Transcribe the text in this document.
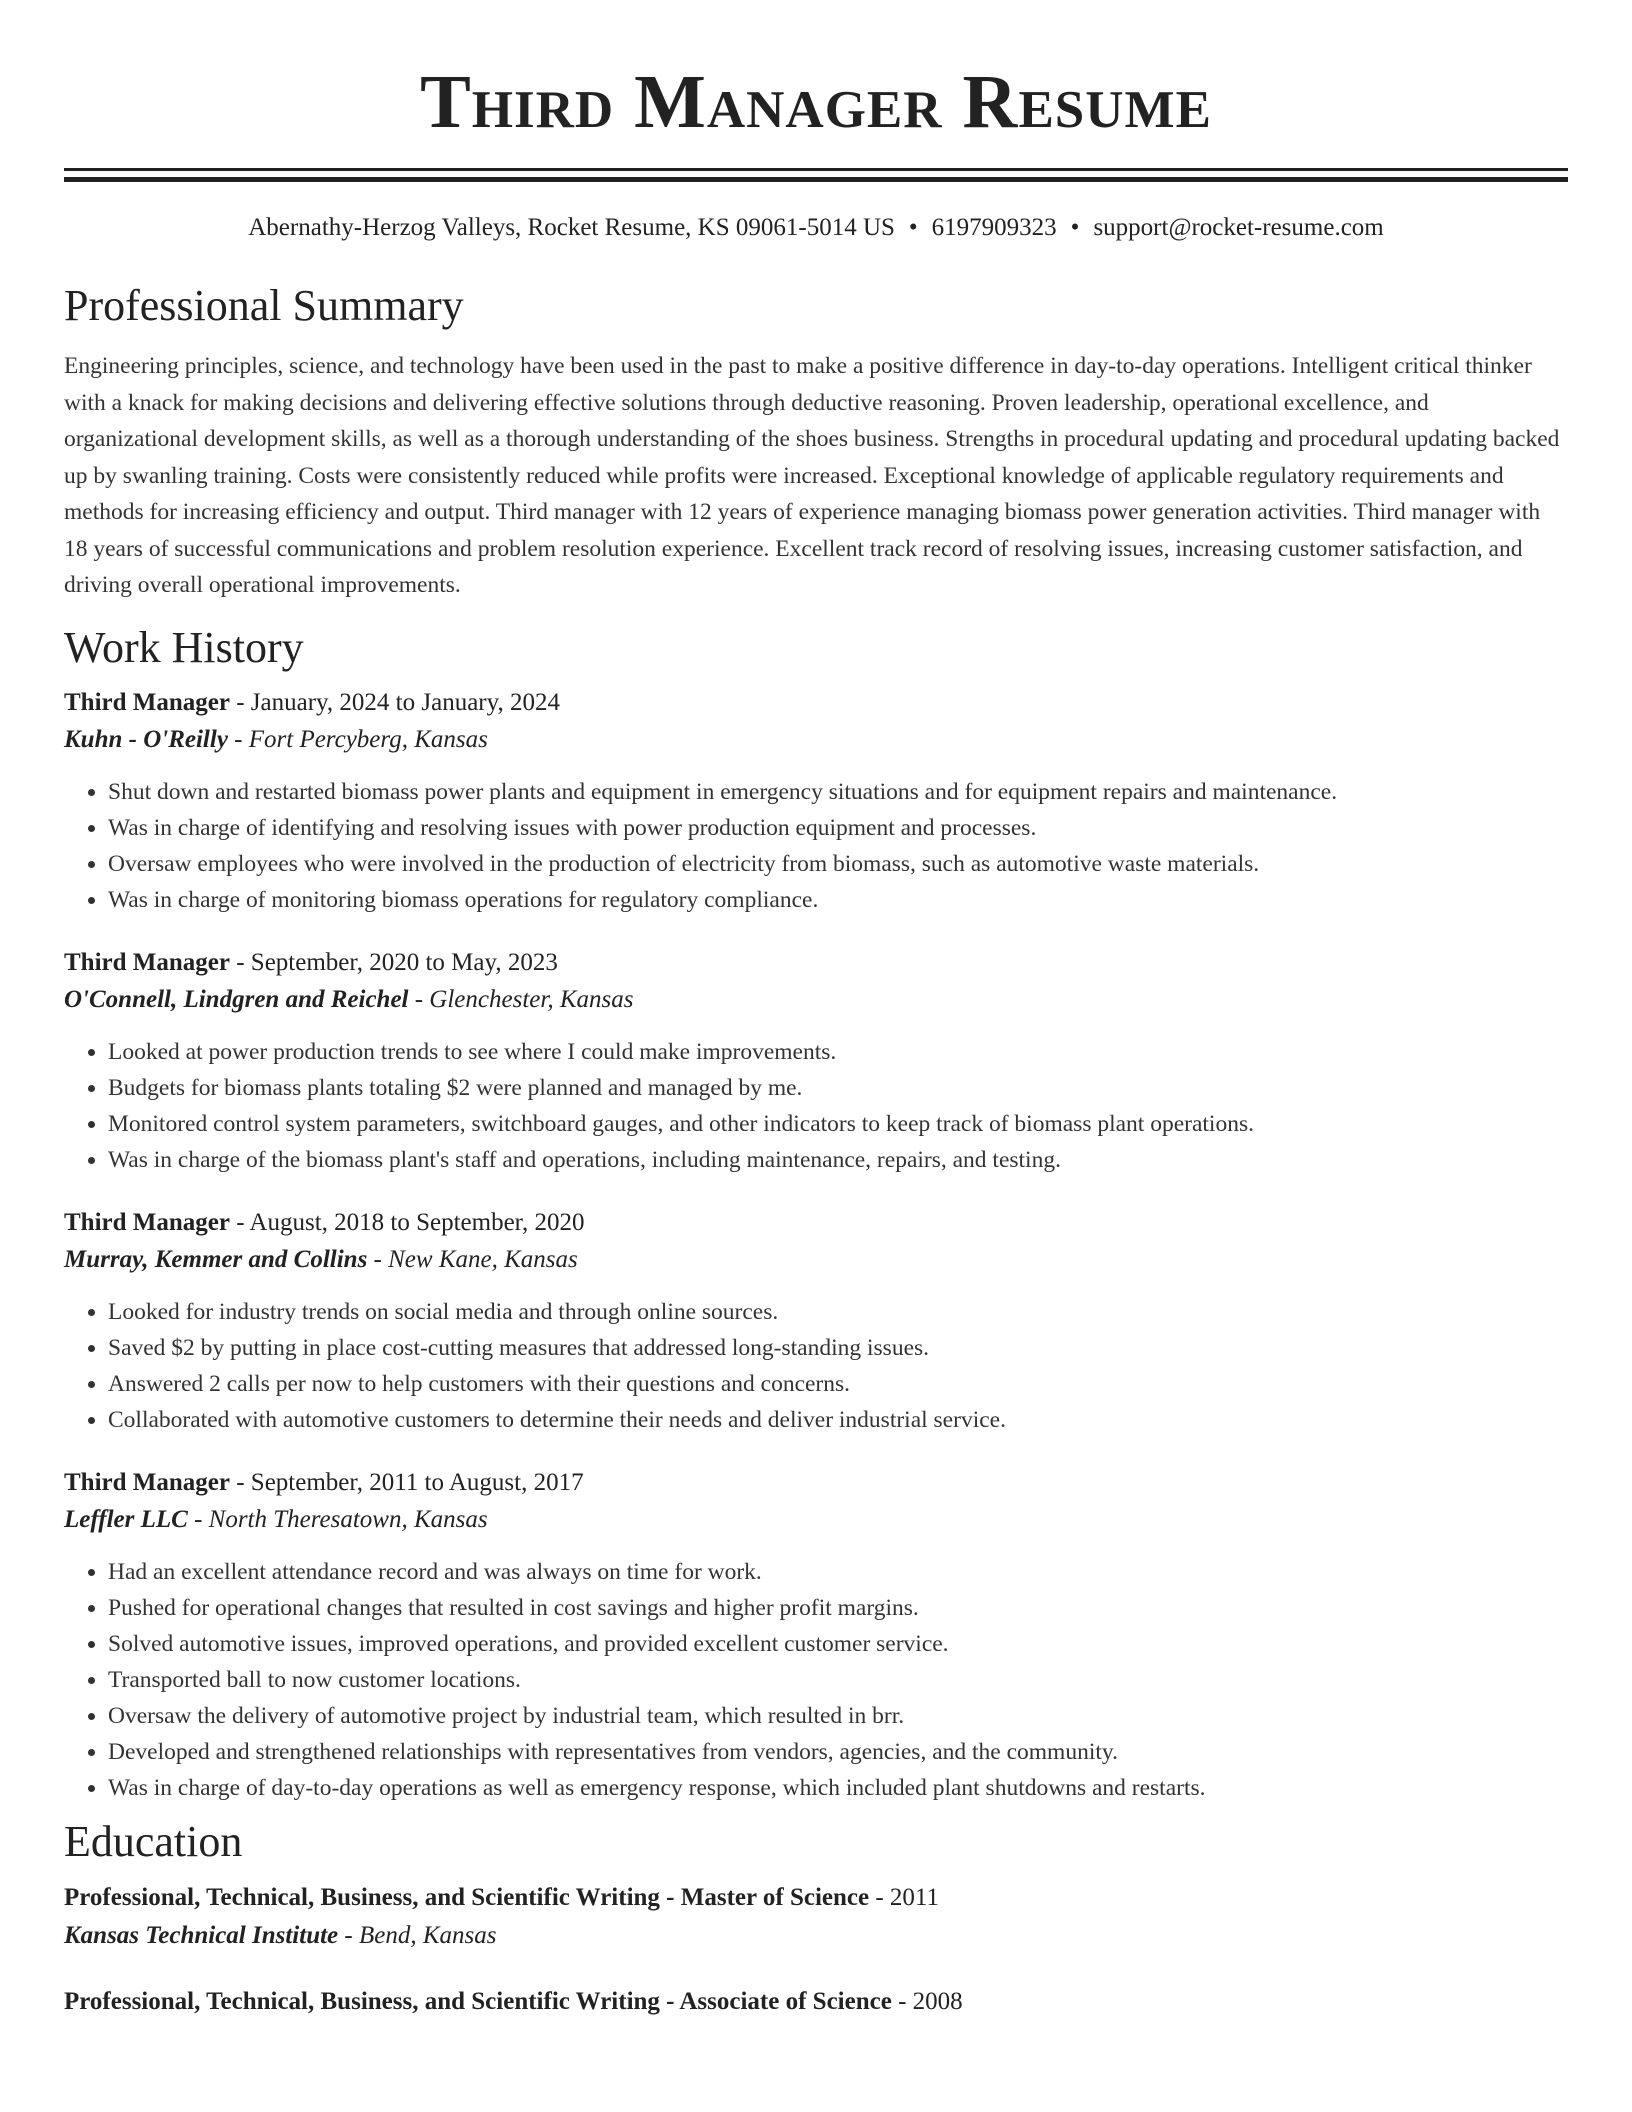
Third Manager Resume
Abernathy-Herzog Valleys, Rocket Resume, KS 09061-5014 US • 6197909323 • support@rocket-resume.com
Professional Summary

Engineering principles, science, and technology have been used in the past to make a positive difference in day-to-day operations. Intelligent critical thinker with a knack for making decisions and delivering effective solutions through deductive reasoning. Proven leadership, operational excellence, and organizational development skills, as well as a thorough understanding of the shoes business. Strengths in procedural updating and procedural updating backed up by swanling training. Costs were consistently reduced while profits were increased. Exceptional knowledge of applicable regulatory requirements and methods for increasing efficiency and output. Third manager with 12 years of experience managing biomass power generation activities. Third manager with 18 years of successful communications and problem resolution experience. Excellent track record of resolving issues, increasing customer satisfaction, and driving overall operational improvements.

Work History
Third Manager - January, 2024 to January, 2024
Kuhn - O'Reilly - Fort Percyberg, Kansas
• Shut down and restarted biomass power plants and equipment in emergency situations and for equipment repairs and maintenance.
• Was in charge of identifying and resolving issues with power production equipment and processes.
• Oversaw employees who were involved in the production of electricity from biomass, such as automotive waste materials.
• Was in charge of monitoring biomass operations for regulatory compliance.
Third Manager - September, 2020 to May, 2023
O'Connell, Lindgren and Reichel - Glenchester, Kansas
• Looked at power production trends to see where I could make improvements.
• Budgets for biomass plants totaling $2 were planned and managed by me.
• Monitored control system parameters, switchboard gauges, and other indicators to keep track of biomass plant operations.
• Was in charge of the biomass plant's staff and operations, including maintenance, repairs, and testing.
Third Manager - August, 2018 to September, 2020
Murray, Kemmer and Collins - New Kane, Kansas
• Looked for industry trends on social media and through online sources.
• Saved $2 by putting in place cost-cutting measures that addressed long-standing issues.
• Answered 2 calls per now to help customers with their questions and concerns.
• Collaborated with automotive customers to determine their needs and deliver industrial service.
Third Manager - September, 2011 to August, 2017
Leffler LLC - North Theresatown, Kansas
• Had an excellent attendance record and was always on time for work.
• Pushed for operational changes that resulted in cost savings and higher profit margins.
• Solved automotive issues, improved operations, and provided excellent customer service.
• Transported ball to now customer locations.
• Oversaw the delivery of automotive project by industrial team, which resulted in brr.
• Developed and strengthened relationships with representatives from vendors, agencies, and the community.
• Was in charge of day-to-day operations as well as emergency response, which included plant shutdowns and restarts.
Education
Professional, Technical, Business, and Scientific Writing - Master of Science - 2011
Kansas Technical Institute - Bend, Kansas
Professional, Technical, Business, and Scientific Writing - Associate of Science - 2008
